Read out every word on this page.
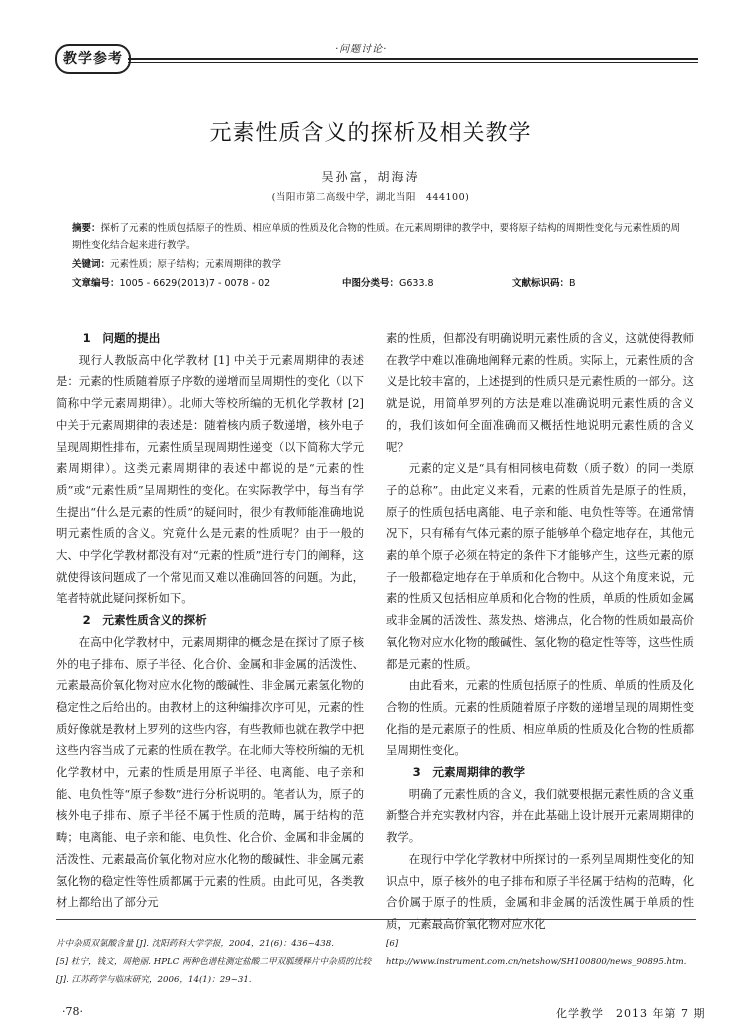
教学参考
·问题讨论·
元素性质含义的探析及相关教学
吴孙富，胡海涛
(当阳市第二高级中学，湖北当阳　444100)
摘要：探析了元素的性质包括原子的性质、相应单质的性质及化合物的性质。在元素周期律的教学中，要将原子结构的周期性变化与元素性质的周期性变化结合起来进行教学。
关键词：元素性质；原子结构；元素周期律的教学
文章编号： 1005 - 6629(2013)7 - 0078 - 02	中图分类号： G633.8	文献标识码： B
1 问题的提出

现行人教版高中化学教材 [1] 中关于元素周期律的表述是：元素的性质随着原子序数的递增而呈周期性的变化（以下简称中学元素周期律）。北师大等校所编的无机化学教材 [2] 中关于元素周期律的表述是：随着核内质子数递增，核外电子呈现周期性排布，元素性质呈现周期性递变（以下简称大学元素周期律）。这类元素周期律的表述中都说的是“元素的性质”或“元素性质”呈周期性的变化。在实际教学中，每当有学生提出“什么是元素的性质”的疑问时，很少有教师能准确地说明元素性质的含义。究竟什么是元素的性质呢？由于一般的大、中学化学教材都没有对“元素的性质”进行专门的阐释，这就使得该问题成了一个常见而又难以准确回答的问题。为此，笔者特就此疑问探析如下。

2 元素性质含义的探析

在高中化学教材中，元素周期律的概念是在探讨了原子核外的电子排布、原子半径、化合价、金属和非金属的活泼性、元素最高价氧化物对应水化物的酸碱性、非金属元素氢化物的稳定性之后给出的。由教材上的这种编排次序可见，元素的性质好像就是教材上罗列的这些内容，有些教师也就在教学中把这些内容当成了元素的性质在教学。在北师大等校所编的无机化学教材中，元素的性质是用原子半径、电离能、电子亲和能、电负性等“原子参数”进行分析说明的。笔者认为，原子的核外电子排布、原子半径不属于性质的范畴，属于结构的范畴；电离能、电子亲和能、电负性、化合价、金属和非金属的活泼性、元素最高价氧化物对应水化物的酸碱性、非金属元素氢化物的稳定性等性质都属于元素的性质。由此可见，各类教材上都给出了部分元

素的性质，但都没有明确说明元素性质的含义，这就使得教师在教学中难以准确地阐释元素的性质。实际上，元素性质的含义是比较丰富的，上述提到的性质只是元素性质的一部分。这就是说，用简单罗列的方法是难以准确说明元素性质的含义的，我们该如何全面准确而又概括性地说明元素性质的含义呢？

元素的定义是“具有相同核电荷数（质子数）的同一类原子的总称”。由此定义来看，元素的性质首先是原子的性质，原子的性质包括电离能、电子亲和能、电负性等等。在通常情况下，只有稀有气体元素的原子能够单个稳定地存在，其他元素的单个原子必须在特定的条件下才能够产生，这些元素的原子一般都稳定地存在于单质和化合物中。从这个角度来说，元素的性质又包括相应单质和化合物的性质，单质的性质如金属或非金属的活泼性、蒸发热、熔沸点，化合物的性质如最高价氧化物对应水化物的酸碱性、氢化物的稳定性等等，这些性质都是元素的性质。

由此看来，元素的性质包括原子的性质、单质的性质及化合物的性质。元素的性质随着原子序数的递增呈现的周期性变化指的是元素原子的性质、相应单质的性质及化合物的性质都呈周期性变化。

3 元素周期律的教学

明确了元素性质的含义，我们就要根据元素性质的含义重新整合并充实教材内容，并在此基础上设计展开元素周期律的教学。

在现行中学化学教材中所探讨的一系列呈周期性变化的知识点中，原子核外的电子排布和原子半径属于结构的范畴，化合价属于原子的性质，金属和非金属的活泼性属于单质的性质，元素最高价氧化物对应水化

片中杂质双氯酸含量 [J]. 沈阳药科大学学报，2004，21(6)：436~438.

[5] 杜宁，钱文，周艳丽. HPLC 两种色谱柱测定盐酸二甲双胍缓释片中杂质的比较 [J]. 江苏药学与临床研究，2006，14(1)：29~31.

[6] http://www.instrument.com.cn/netshow/SH100800/news_90895.htm.

·78·	化学教学　2013 年第 7 期
